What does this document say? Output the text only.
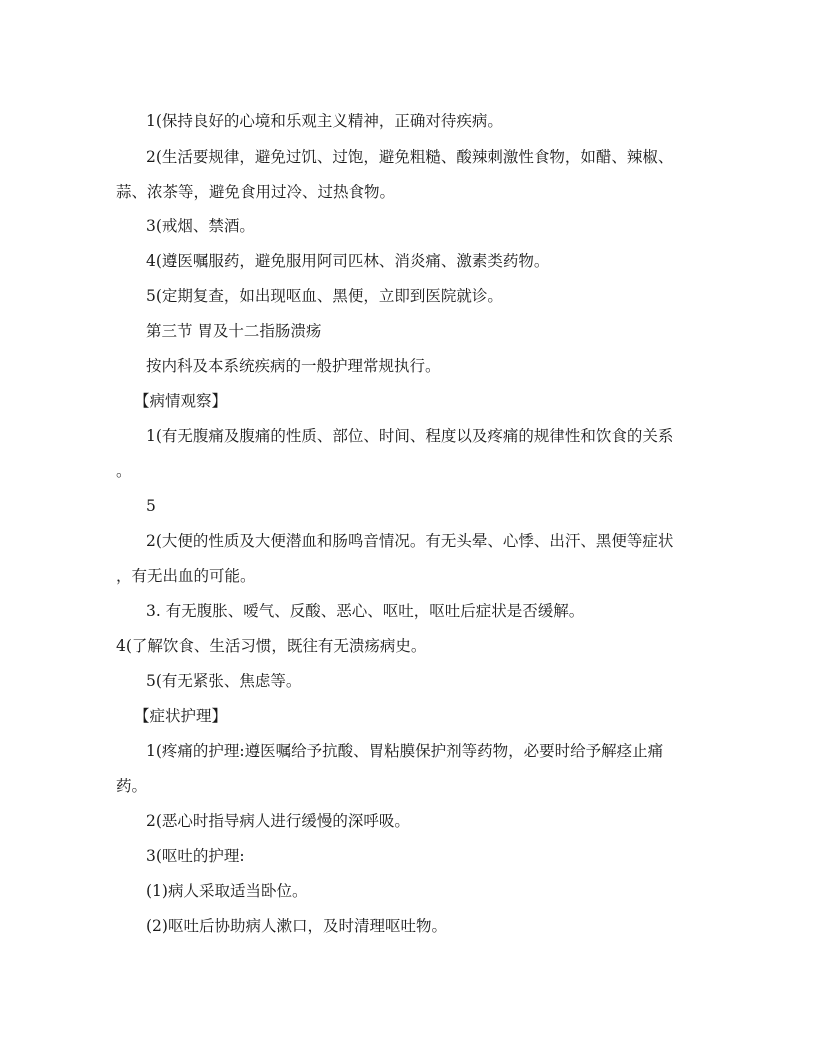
1(保持良好的心境和乐观主义精神，正确对待疾病。

2(生活要规律，避免过饥、过饱，避免粗糙、酸辣刺激性食物，如醋、辣椒、

蒜、浓茶等，避免食用过冷、过热食物。

3(戒烟、禁酒。

4(遵医嘱服药，避免服用阿司匹林、消炎痛、激素类药物。

5(定期复查，如出现呕血、黑便，立即到医院就诊。

第三节 胃及十二指肠溃疡

按内科及本系统疾病的一般护理常规执行。

【病情观察】

1(有无腹痛及腹痛的性质、部位、时间、程度以及疼痛的规律性和饮食的关系

。

5

2(大便的性质及大便潜血和肠鸣音情况。有无头晕、心悸、出汗、黑便等症状

，有无出血的可能。

3. 有无腹胀、嗳气、反酸、恶心、呕吐，呕吐后症状是否缓解。

4(了解饮食、生活习惯，既往有无溃疡病史。

5(有无紧张、焦虑等。

【症状护理】

1(疼痛的护理:遵医嘱给予抗酸、胃粘膜保护剂等药物，必要时给予解痉止痛

药。

2(恶心时指导病人进行缓慢的深呼吸。

3(呕吐的护理:

(1)病人采取适当卧位。

(2)呕吐后协助病人漱口，及时清理呕吐物。
